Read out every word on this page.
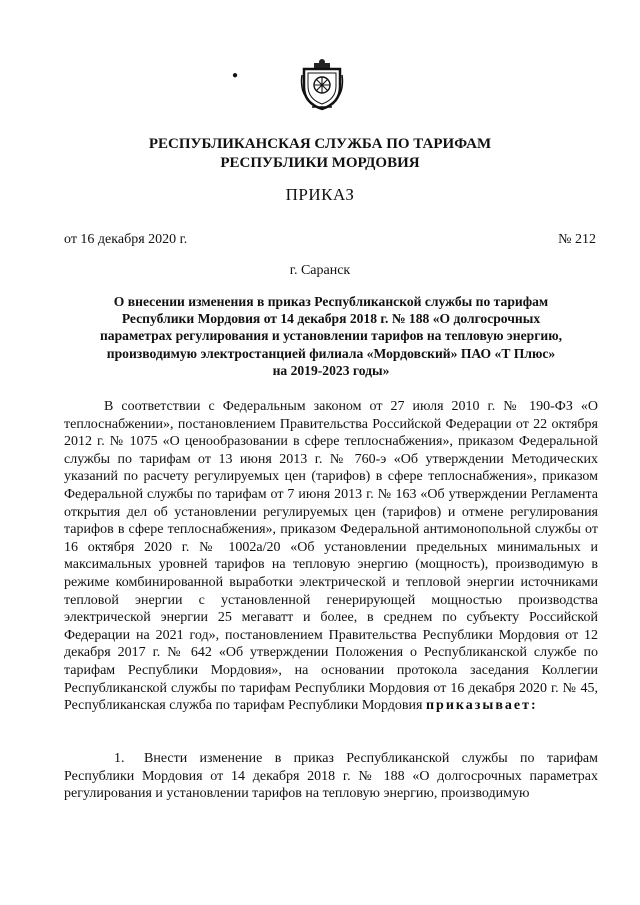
●
РЕСПУБЛИКАНСКАЯ СЛУЖБА ПО ТАРИФАМ
РЕСПУБЛИКИ МОРДОВИЯ
ПРИКАЗ
от 16 декабря 2020 г.	№ 212
г. Саранск
О внесении изменения в приказ Республиканской службы по тарифам
Республики Мордовия от 14 декабря 2018 г. № 188 «О долгосрочных
параметрах регулирования и установлении тарифов на тепловую энергию,
производимую электростанцией филиала «Мордовский» ПАО «Т Плюс»
на 2019-2023 годы»
В соответствии с Федеральным законом от 27 июля 2010 г. № 190-ФЗ «О теплоснабжении», постановлением Правительства Российской Федерации от 22 октября 2012 г. № 1075 «О ценообразовании в сфере теплоснабжения», приказом Федеральной службы по тарифам от 13 июня 2013 г. № 760-э «Об утверждении Методических указаний по расчету регулируемых цен (тарифов) в сфере теплоснабжения», приказом Федеральной службы по тарифам от 7 июня 2013 г. № 163 «Об утверждении Регламента открытия дел об установлении регулируемых цен (тарифов) и отмене регулирования тарифов в сфере теплоснабжения», приказом Федеральной антимонопольной службы от 16 октября 2020 г. № 1002а/20 «Об установлении предельных минимальных и максимальных уровней тарифов на тепловую энергию (мощность), производимую в режиме комбинированной выработки электрической и тепловой энергии источниками тепловой энергии с установленной генерирующей мощностью производства электрической энергии 25 мегаватт и более, в среднем по субъекту Российской Федерации на 2021 год», постановлением Правительства Республики Мордовия от 12 декабря 2017 г. № 642 «Об утверждении Положения о Республиканской службе по тарифам Республики Мордовия», на основании протокола заседания Коллегии Республиканской службы по тарифам Республики Мордовия от 16 декабря 2020 г. № 45, Республиканская служба по тарифам Республики Мордовия приказывает:
1. Внести изменение в приказ Республиканской службы по тарифам Республики Мордовия от 14 декабря 2018 г. № 188 «О долгосрочных параметрах регулирования и установлении тарифов на тепловую энергию, производимую
